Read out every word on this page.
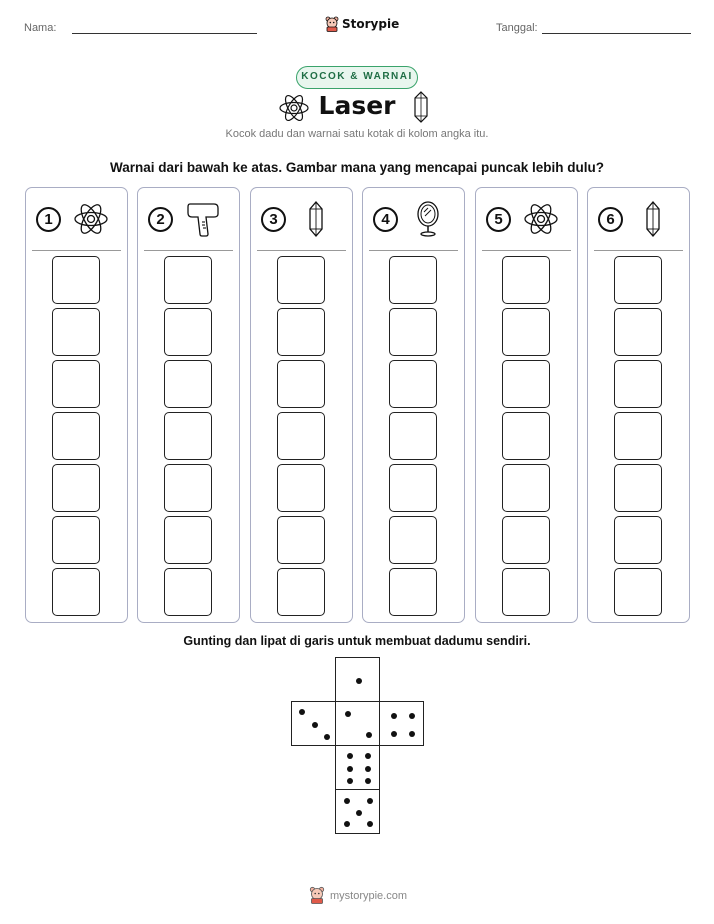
Nama:	Storypie	Tanggal:
KOCOK & WARNAI
Laser
Kocok dadu dan warnai satu kotak di kolom angka itu.
Warnai dari bawah ke atas. Gambar mana yang mencapai puncak lebih dulu?
1	2	3	4	5	6
Gunting dan lipat di garis untuk membuat dadumu sendiri.
mystorypie.com
